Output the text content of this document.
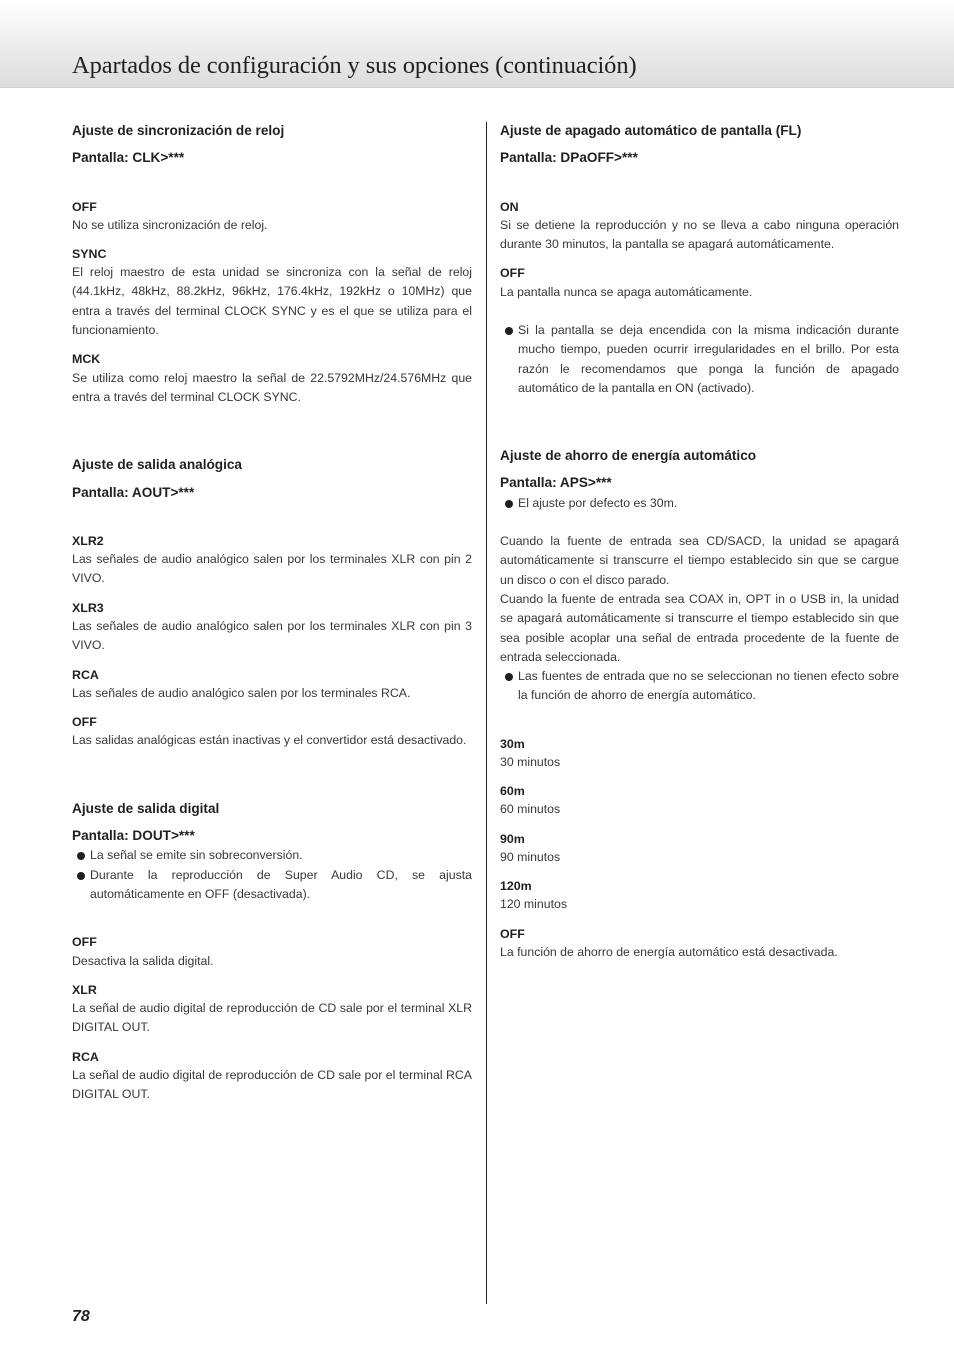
Apartados de configuración y sus opciones (continuación)
Ajuste de sincronización de reloj
Pantalla: CLK>***
OFF
No se utiliza sincronización de reloj.
SYNC
El reloj maestro de esta unidad se sincroniza con la señal de reloj (44.1kHz, 48kHz, 88.2kHz, 96kHz, 176.4kHz, 192kHz o 10MHz) que entra a través del terminal CLOCK SYNC y es el que se utiliza para el funcionamiento.
MCK
Se utiliza como reloj maestro la señal de 22.5792MHz/24.576MHz que entra a través del terminal CLOCK SYNC.
Ajuste de salida analógica
Pantalla: AOUT>***
XLR2
Las señales de audio analógico salen por los terminales XLR con pin 2 VIVO.
XLR3
Las señales de audio analógico salen por los terminales XLR con pin 3 VIVO.
RCA
Las señales de audio analógico salen por los terminales RCA.
OFF
Las salidas analógicas están inactivas y el convertidor está desactivado.
Ajuste de salida digital
Pantalla: DOUT>***
La señal se emite sin sobreconversión.
Durante la reproducción de Super Audio CD, se ajusta automáticamente en OFF (desactivada).
OFF
Desactiva la salida digital.
XLR
La señal de audio digital de reproducción de CD sale por el terminal XLR DIGITAL OUT.
RCA
La señal de audio digital de reproducción de CD sale por el terminal RCA DIGITAL OUT.
Ajuste de apagado automático de pantalla (FL)
Pantalla: DPaOFF>***
ON
Si se detiene la reproducción y no se lleva a cabo ninguna operación durante 30 minutos, la pantalla se apagará automáticamente.
OFF
La pantalla nunca se apaga automáticamente.
Si la pantalla se deja encendida con la misma indicación durante mucho tiempo, pueden ocurrir irregularidades en el brillo. Por esta razón le recomendamos que ponga la función de apagado automático de la pantalla en ON (activado).
Ajuste de ahorro de energía automático
Pantalla: APS>***
El ajuste por defecto es 30m.
Cuando la fuente de entrada sea CD/SACD, la unidad se apagará automáticamente si transcurre el tiempo establecido sin que se cargue un disco o con el disco parado.
Cuando la fuente de entrada sea COAX in, OPT in o USB in, la unidad se apagará automáticamente si transcurre el tiempo establecido sin que sea posible acoplar una señal de entrada procedente de la fuente de entrada seleccionada.
Las fuentes de entrada que no se seleccionan no tienen efecto sobre la función de ahorro de energía automático.
30m
30 minutos
60m
60 minutos
90m
90 minutos
120m
120 minutos
OFF
La función de ahorro de energía automático está desactivada.
78
